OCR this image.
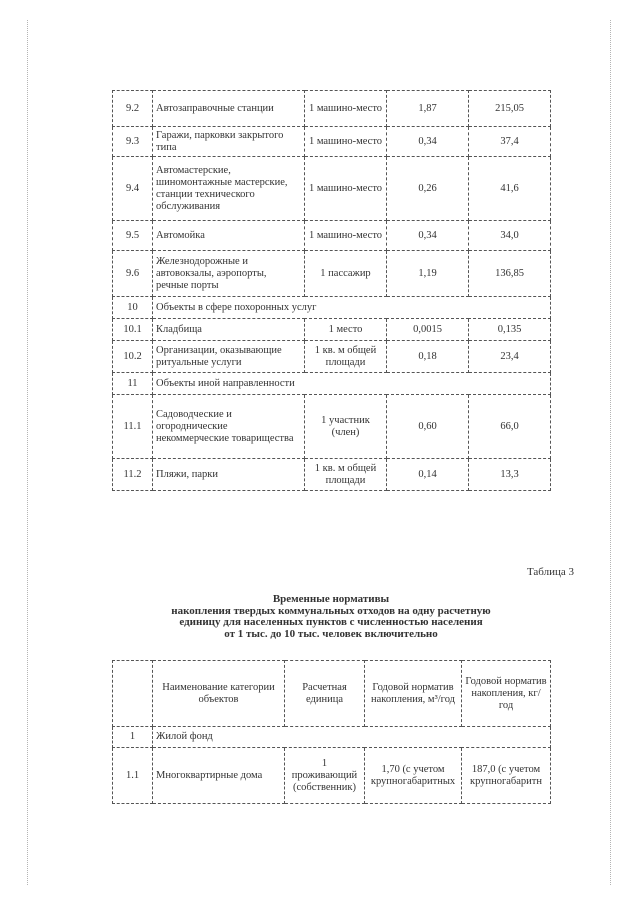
9.2	Автозаправочные станции	1 машино-место	1,87	215,05
9.3	Гаражи, парковки закрытого типа	1 машино-место	0,34	37,4
9.4	Автомастерские, шиномонтажные мастерские, станции технического обслуживания	1 машино-место	0,26	41,6
9.5	Автомойка	1 машино-место	0,34	34,0
9.6	Железнодорожные и автовокзалы, аэропорты, речные порты	1 пассажир	1,19	136,85
10	Объекты в сфере похоронных услуг			
10.1	Кладбища	1 место	0,0015	0,135
10.2	Организации, оказывающие ритуальные услуги	1 кв. м общей площади	0,18	23,4
11	Объекты иной направленности			
11.1	Садоводческие и огороднические некоммерческие товарищества	1 участник (член)	0,60	66,0
11.2	Пляжи, парки	1 кв. м общей площади	0,14	13,3
Таблица 3
Временные нормативы
накопления твердых коммунальных отходов на одну расчетную
единицу для населенных пунктов с численностью населения
от 1 тыс. до 10 тыс. человек включительно
	Наименование категории объектов	Расчетная единица	Годовой норматив накопления, м³/год	Годовой норматив накопления, кг/год
1	Жилой фонд			
1.1	Многоквартирные дома	1 проживающий (собственник)	1,70 (с учетом крупногабаритных	187,0 (с учетом крупногабаритн
